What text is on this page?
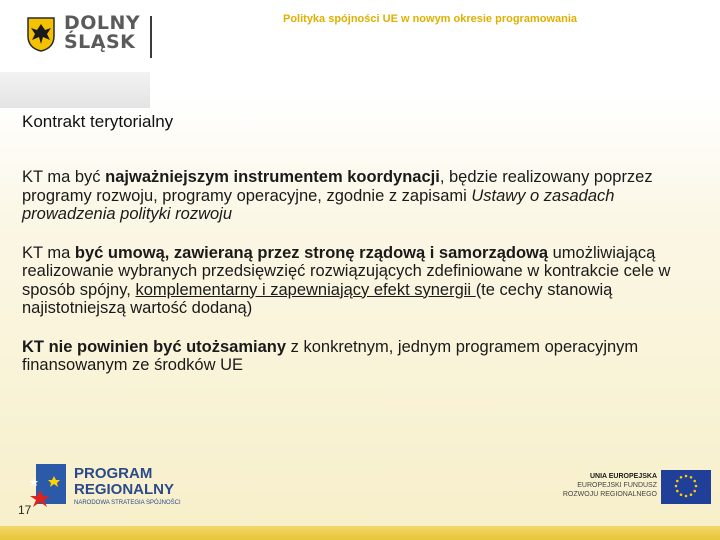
DOLNY
ŚLĄSK
Polityka spójności UE w nowym okresie programowania
Kontrakt terytorialny

KT ma być najważniejszym instrumentem koordynacji, będzie realizowany poprzez programy rozwoju, programy operacyjne, zgodnie z zapisami Ustawy o zasadach prowadzenia polityki rozwoju

KT ma być umową, zawieraną przez stronę rządową i samorządową umożliwiającą realizowanie wybranych przedsięwzięć rozwiązujących zdefiniowane w kontrakcie cele w sposób spójny, komplementarny i zapewniający efekt synergii (te cechy stanowią najistotniejszą wartość dodaną)

KT nie powinien być utożsamiany z konkretnym, jednym programem operacyjnym finansowanym ze środków UE

PROGRAM
REGIONALNY
NARODOWA STRATEGIA SPÓJNOŚCI
17
UNIA EUROPEJSKA
EUROPEJSKI FUNDUSZ
ROZWOJU REGIONALNEGO
